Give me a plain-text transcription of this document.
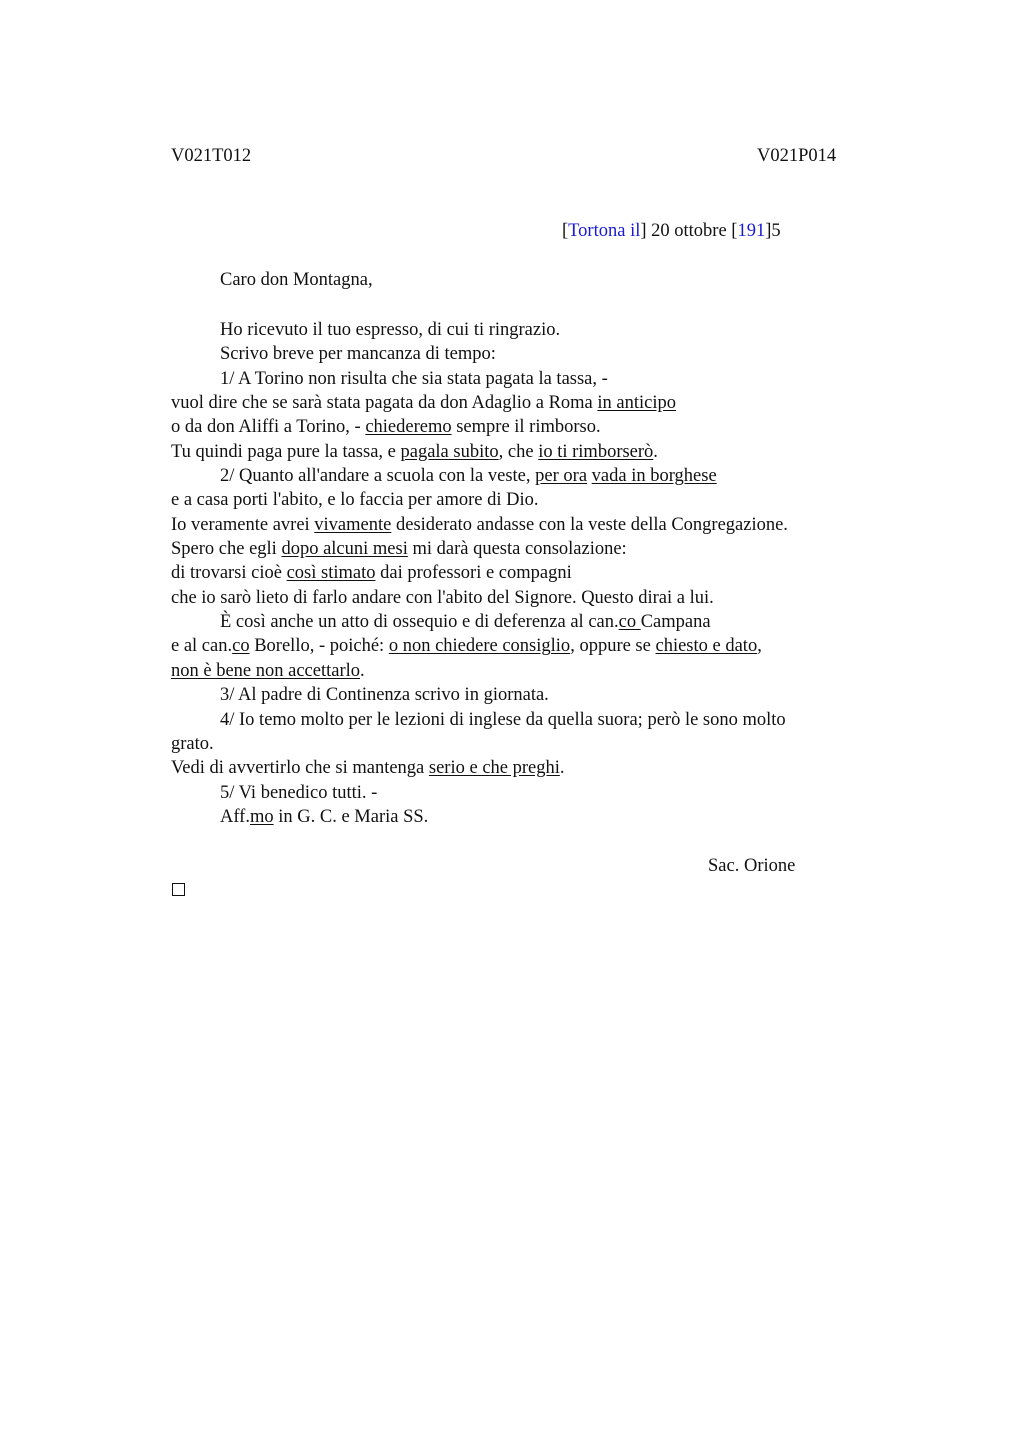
V021T012	V021P014
[Tortona il] 20 ottobre [191]5
Caro don Montagna,
Ho ricevuto il tuo espresso, di cui ti ringrazio.
Scrivo breve per mancanza di tempo:
1/ A Torino non risulta che sia stata pagata la tassa, -
vuol dire che se sarà stata pagata da don Adaglio a Roma in anticipo
o da don Aliffi a Torino, - chiederemo sempre il rimborso.
Tu quindi paga pure la tassa, e pagala subito, che io ti rimborserò.
2/ Quanto all'andare a scuola con la veste, per ora vada in borghese
e a casa porti l'abito, e lo faccia per amore di Dio.
Io veramente avrei vivamente desiderato andasse con la veste della Congregazione.
Spero che egli dopo alcuni mesi mi darà questa consolazione:
di trovarsi cioè così stimato dai professori e compagni
che io sarò lieto di farlo andare con l'abito del Signore. Questo dirai a lui.
È così anche un atto di ossequio e di deferenza al can.co Campana
e al can.co Borello, - poiché: o non chiedere consiglio, oppure se chiesto e dato,
non è bene non accettarlo.
3/ Al padre di Continenza scrivo in giornata.
4/ Io temo molto per le lezioni di inglese da quella suora; però le sono molto
grato.
Vedi di avvertirlo che si mantenga serio e che preghi.
5/ Vi benedico tutti. -
Aff.mo in G. C. e Maria SS.
Sac. Orione
